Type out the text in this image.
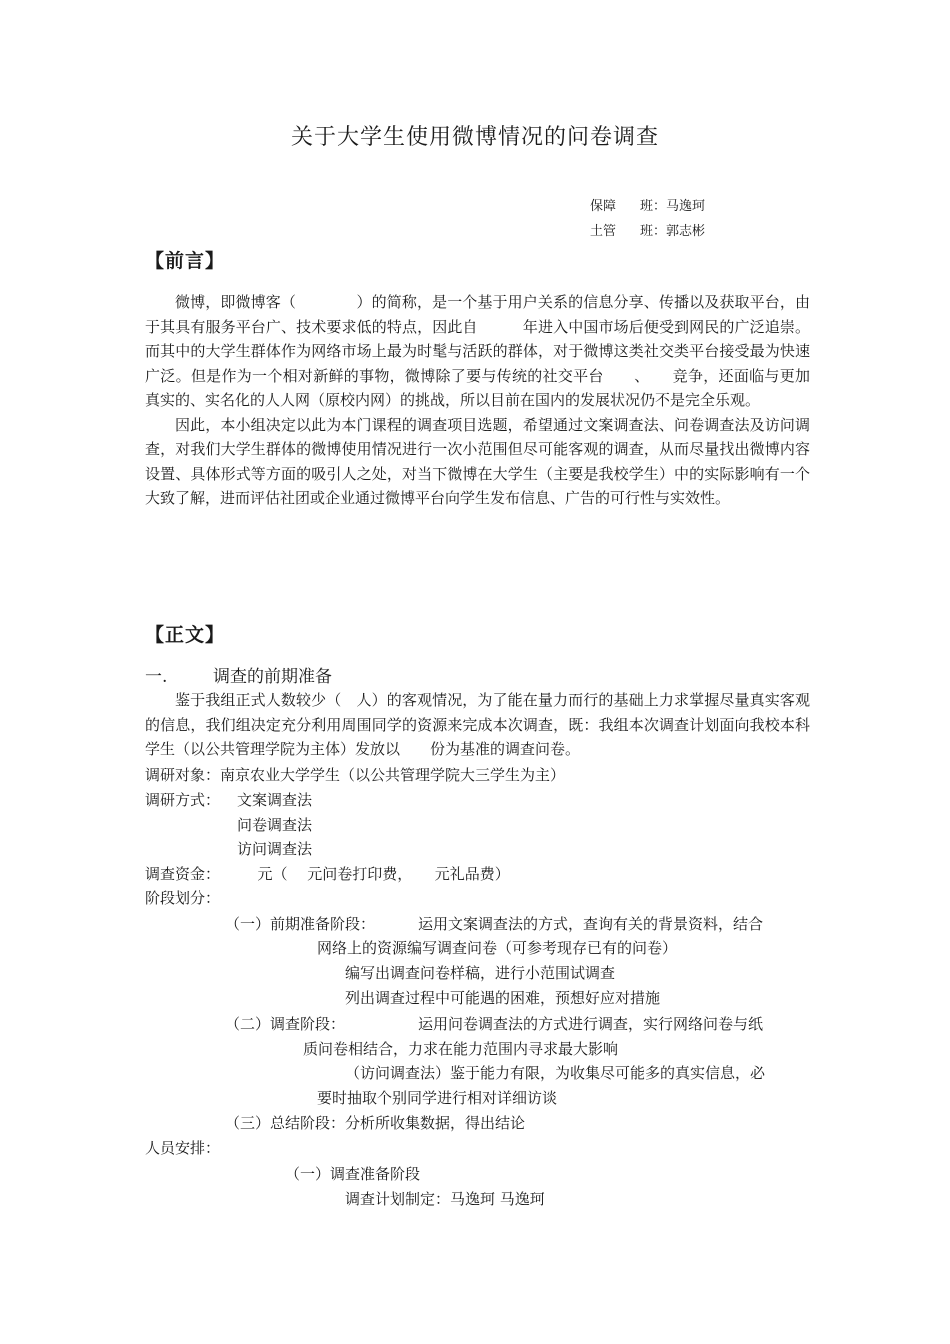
关于大学生使用微博情况的问卷调查
保障 班：马逸珂
土管 班：郭志彬
【前言】

微博，即微博客（　　　　）的简称，是一个基于用户关系的信息分享、传播以及获取平台，由于其具有服务平台广、技术要求低的特点，因此自　　　年进入中国市场后便受到网民的广泛追崇。 而其中的大学生群体作为网络市场上最为时髦与活跃的群体，对于微博这类社交类平台接受最为快速广泛。但是作为一个相对新鲜的事物，微博除了要与传统的社交平台　　、　　竞争，还面临与更加真实的、实名化的人人网（原校内网）的挑战，所以目前在国内的发展状况仍不是完全乐观。

因此，本小组决定以此为本门课程的调查项目选题，希望通过文案调查法、问卷调查法及访问调查，对我们大学生群体的微博使用情况进行一次小范围但尽可能客观的调查，从而尽量找出微博内容设置、具体形式等方面的吸引人之处，对当下微博在大学生（主要是我校学生）中的实际影响有一个大致了解，进而评估社团或企业通过微博平台向学生发布信息、广告的可行性与实效性。

【正文】
一.	调查的前期准备

鉴于我组正式人数较少（　人）的客观情况，为了能在量力而行的基础上力求掌握尽量真实客观的信息，我们组决定充分利用周围同学的资源来完成本次调查，既：我组本次调查计划面向我校本科学生（以公共管理学院为主体）发放以　　份为基准的调查问卷。

调研对象：南京农业大学学生（以公共管理学院大三学生为主）
调研方式： 文案调查法
问卷调查法
访问调查法
调查资金：　　　元（　 元问卷打印费，　　元礼品费）
阶段划分：
（一）前期准备阶段：	运用文案调查法的方式，查询有关的背景资料，结合
网络上的资源编写调查问卷（可参考现存已有的问卷）
编写出调查问卷样稿，进行小范围试调查
列出调查过程中可能遇的困难，预想好应对措施
（二）调查阶段：	运用问卷调查法的方式进行调查，实行网络问卷与纸
质问卷相结合，力求在能力范围内寻求最大影响
（访问调查法）鉴于能力有限，为收集尽可能多的真实信息，必
要时抽取个别同学进行相对详细访谈
（三）总结阶段：分析所收集数据，得出结论
人员安排：
（一）调查准备阶段
调查计划制定：马逸珂 马逸珂
